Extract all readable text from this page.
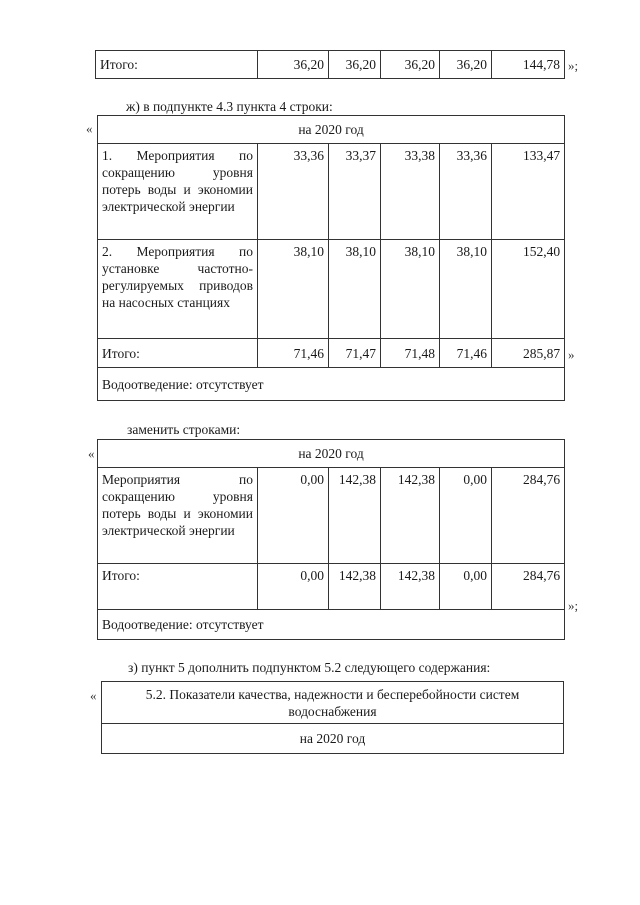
Итого:	36,20	36,20	36,20	36,20	144,78 »;
ж) в подпункте 4.3 пункта 4 строки:
«	на 2020 год					
1. Мероприятия по сокращению уровня потерь воды и экономии электрической энергии	33,36	33,37	33,38	33,36	133,47
2. Мероприятия по установке частотно-регулируемых приводов на насосных станциях	38,10	38,10	38,10	38,10	152,40
Итого:	71,46	71,47	71,48	71,46	285,87
Водоотведение: отсутствует					
»
заменить строками:
«	на 2020 год					
Мероприятия по сокращению уровня потерь воды и экономии электрической энергии	0,00	142,38	142,38	0,00	284,76
Итого:	0,00	142,38	142,38	0,00	284,76
Водоотведение: отсутствует					
»;
з) пункт 5 дополнить подпунктом 5.2 следующего содержания:
«	5.2. Показатели качества, надежности и бесперебойности систем водоснабжения
на 2020 год
